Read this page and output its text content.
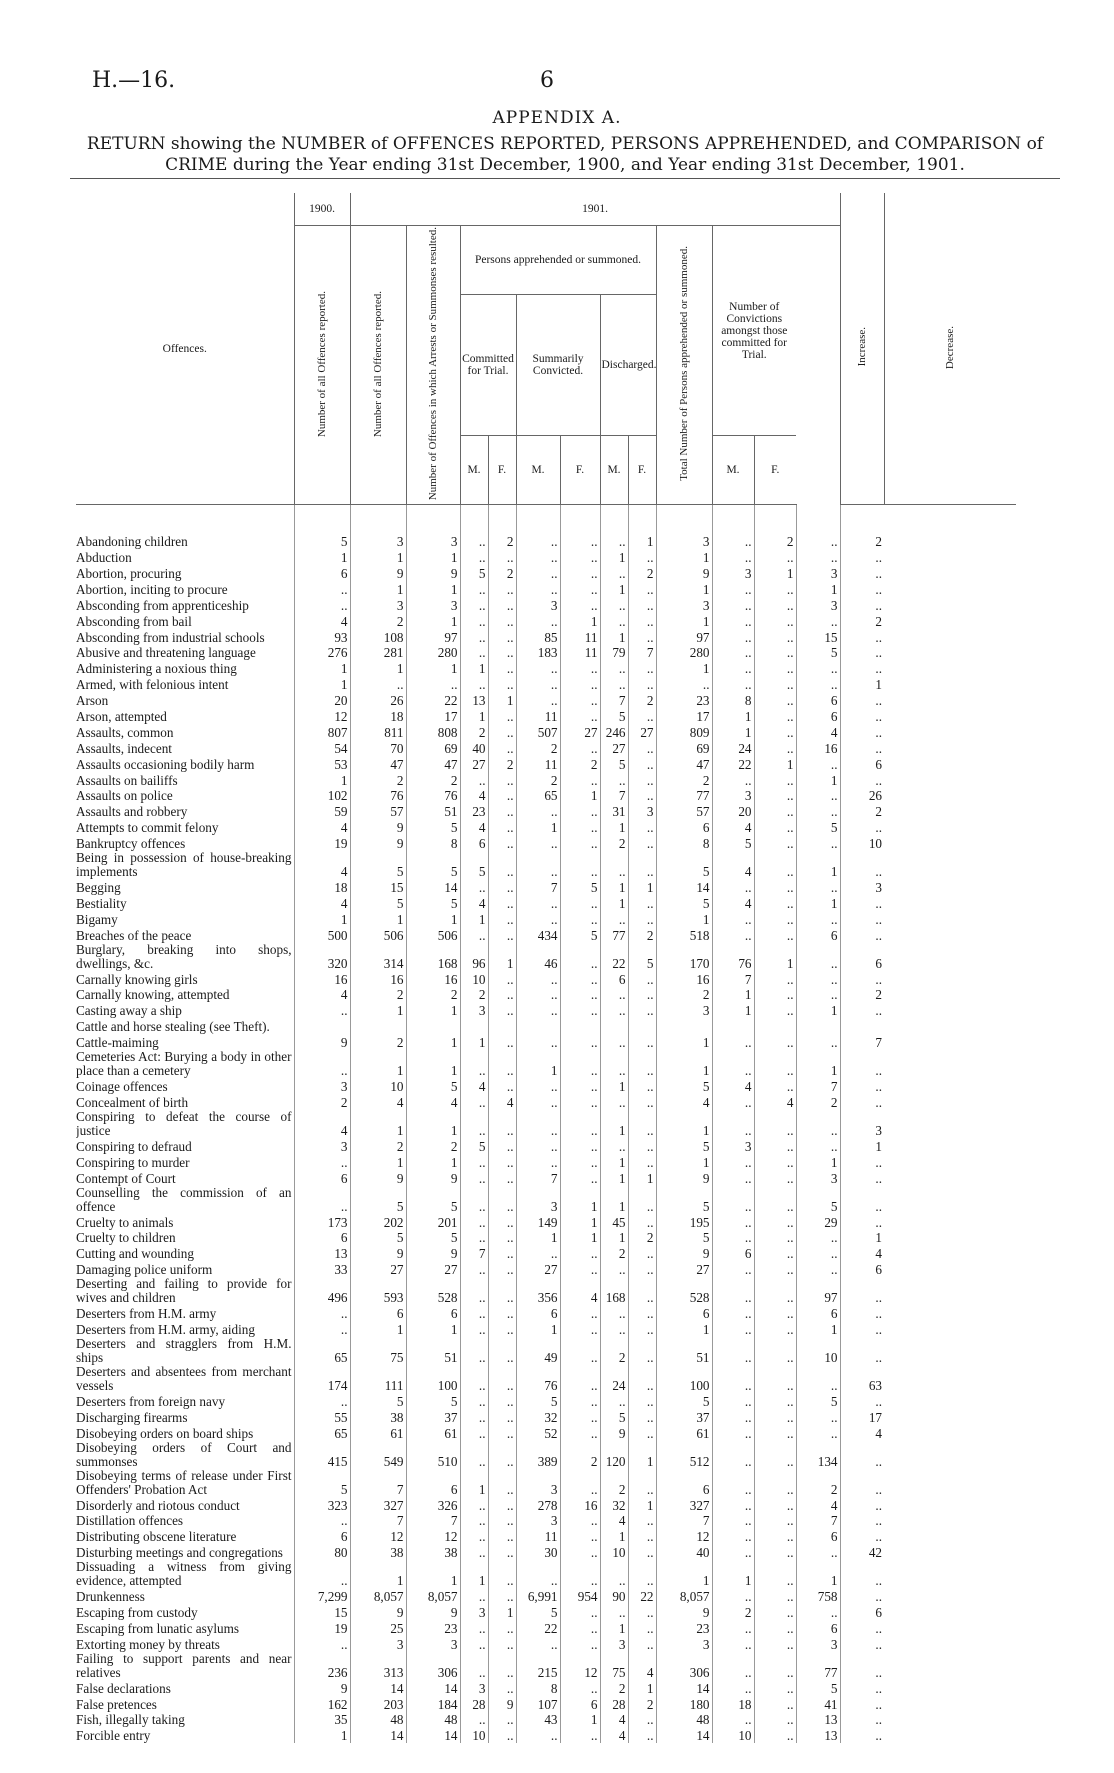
H.—16.	6
APPENDIX A.
RETURN showing the NUMBER of OFFENCES REPORTED, PERSONS APPREHENDED, and COMPARISON of CRIME during the Year ending 31st December, 1900, and Year ending 31st December, 1901.
Offences.	1900.	1901.												Increase.	Decrease.
	Number of all Offences reported.	Number of all Offences reported.	Number of Offences in which Arrests or Summonses resulted.	Persons apprehended or summoned.						Total Number of Persons apprehended or summoned.	Number of Convictions amongst those committed for Trial.				
				Committed for Trial.		Summarily Convicted.		Discharged.							
				M.	F.	M.	F.	M.	F.		M.	F.			
Abandoning children	5	3	3	..	2	..	..	..	1	3	..	2	..	2	
Abduction	1	1	1	..	..	..	..	1	..	1	..	..	..	..	
Abortion, procuring	6	9	9	5	2	..	..	..	2	9	3	1	3	..	
Abortion, inciting to procure	..	1	1	..	..	..	..	1	..	1	..	..	1	..	
Absconding from apprenticeship	..	3	3	..	..	3	..	..	..	3	..	..	3	..	
Absconding from bail	4	2	1	..	..	..	1	..	..	1	..	..	..	2	
Absconding from industrial schools	93	108	97	..	..	85	11	1	..	97	..	..	15	..	
Abusive and threatening language	276	281	280	..	..	183	11	79	7	280	..	..	5	..	
Administering a noxious thing	1	1	1	1	..	..	..	..	..	1	..	..	..	..	
Armed, with felonious intent	1	..	..	..	..	..	..	..	..	..	..	..	..	1	
Arson	20	26	22	13	1	..	..	7	2	23	8	..	6	..	
Arson, attempted	12	18	17	1	..	11	..	5	..	17	1	..	6	..	
Assaults, common	807	811	808	2	..	507	27	246	27	809	1	..	4	..	
Assaults, indecent	54	70	69	40	..	2	..	27	..	69	24	..	16	..	
Assaults occasioning bodily harm	53	47	47	27	2	11	2	5	..	47	22	1	..	6	
Assaults on bailiffs	1	2	2	..	..	2	..	..	..	2	..	..	1	..	
Assaults on police	102	76	76	4	..	65	1	7	..	77	3	..	..	26	
Assaults and robbery	59	57	51	23	..	..	..	31	3	57	20	..	..	2	
Attempts to commit felony	4	9	5	4	..	1	..	1	..	6	4	..	5	..	
Bankruptcy offences	19	9	8	6	..	..	..	2	..	8	5	..	..	10	
Being in possession of house-breaking implements	4	5	5	5	..	..	..	..	..	5	4	..	1	..	
Begging	18	15	14	..	..	7	5	1	1	14	..	..	..	3	
Bestiality	4	5	5	4	..	..	..	1	..	5	4	..	1	..	
Bigamy	1	1	1	1	..	..	..	..	..	1	..	..	..	..	
Breaches of the peace	500	506	506	..	..	434	5	77	2	518	..	..	6	..	
Burglary, breaking into shops, dwellings, &c.	320	314	168	96	1	46	..	22	5	170	76	1	..	6	
Carnally knowing girls	16	16	16	10	..	..	..	6	..	16	7	..	..	..	
Carnally knowing, attempted	4	2	2	2	..	..	..	..	..	2	1	..	..	2	
Casting away a ship	..	1	1	3	..	..	..	..	..	3	1	..	1	..	
Cattle and horse stealing (see Theft).															
Cattle-maiming	9	2	1	1	..	..	..	..	..	1	..	..	..	7	
Cemeteries Act: Burying a body in other place than a cemetery	..	1	1	..	..	1	..	..	..	1	..	..	1	..	
Coinage offences	3	10	5	4	..	..	..	1	..	5	4	..	7	..	
Concealment of birth	2	4	4	..	4	..	..	..	..	4	..	4	2	..	
Conspiring to defeat the course of justice	4	1	1	..	..	..	..	1	..	1	..	..	..	3	
Conspiring to defraud	3	2	2	5	..	..	..	..	..	5	3	..	..	1	
Conspiring to murder	..	1	1	..	..	..	..	1	..	1	..	..	1	..	
Contempt of Court	6	9	9	..	..	7	..	1	1	9	..	..	3	..	
Counselling the commission of an offence	..	5	5	..	..	3	1	1	..	5	..	..	5	..	
Cruelty to animals	173	202	201	..	..	149	1	45	..	195	..	..	29	..	
Cruelty to children	6	5	5	..	..	1	1	1	2	5	..	..	..	1	
Cutting and wounding	13	9	9	7	..	..	..	2	..	9	6	..	..	4	
Damaging police uniform	33	27	27	..	..	27	..	..	..	27	..	..	..	6	
Deserting and failing to provide for wives and children	496	593	528	..	..	356	4	168	..	528	..	..	97	..	
Deserters from H.M. army	..	6	6	..	..	6	..	..	..	6	..	..	6	..	
Deserters from H.M. army, aiding	..	1	1	..	..	1	..	..	..	1	..	..	1	..	
Deserters and stragglers from H.M. ships	65	75	51	..	..	49	..	2	..	51	..	..	10	..	
Deserters and absentees from merchant vessels	174	111	100	..	..	76	..	24	..	100	..	..	..	63	
Deserters from foreign navy	..	5	5	..	..	5	..	..	..	5	..	..	5	..	
Discharging firearms	55	38	37	..	..	32	..	5	..	37	..	..	..	17	
Disobeying orders on board ships	65	61	61	..	..	52	..	9	..	61	..	..	..	4	
Disobeying orders of Court and summonses	415	549	510	..	..	389	2	120	1	512	..	..	134	..	
Disobeying terms of release under First Offenders' Probation Act	5	7	6	1	..	3	..	2	..	6	..	..	2	..	
Disorderly and riotous conduct	323	327	326	..	..	278	16	32	1	327	..	..	4	..	
Distillation offences	..	7	7	..	..	3	..	4	..	7	..	..	7	..	
Distributing obscene literature	6	12	12	..	..	11	..	1	..	12	..	..	6	..	
Disturbing meetings and congregations	80	38	38	..	..	30	..	10	..	40	..	..	..	42	
Dissuading a witness from giving evidence, attempted	..	1	1	1	..	..	..	..	..	1	1	..	1	..	
Drunkenness	7,299	8,057	8,057	..	..	6,991	954	90	22	8,057	..	..	758	..	
Escaping from custody	15	9	9	3	1	5	..	..	..	9	2	..	..	6	
Escaping from lunatic asylums	19	25	23	..	..	22	..	1	..	23	..	..	6	..	
Extorting money by threats	..	3	3	..	..	..	..	3	..	3	..	..	3	..	
Failing to support parents and near relatives	236	313	306	..	..	215	12	75	4	306	..	..	77	..	
False declarations	9	14	14	3	..	8	..	2	1	14	..	..	5	..	
False pretences	162	203	184	28	9	107	6	28	2	180	18	..	41	..	
Fish, illegally taking	35	48	48	..	..	43	1	4	..	48	..	..	13	..	
Forcible entry	1	14	14	10	..	..	..	4	..	14	10	..	13	..	
